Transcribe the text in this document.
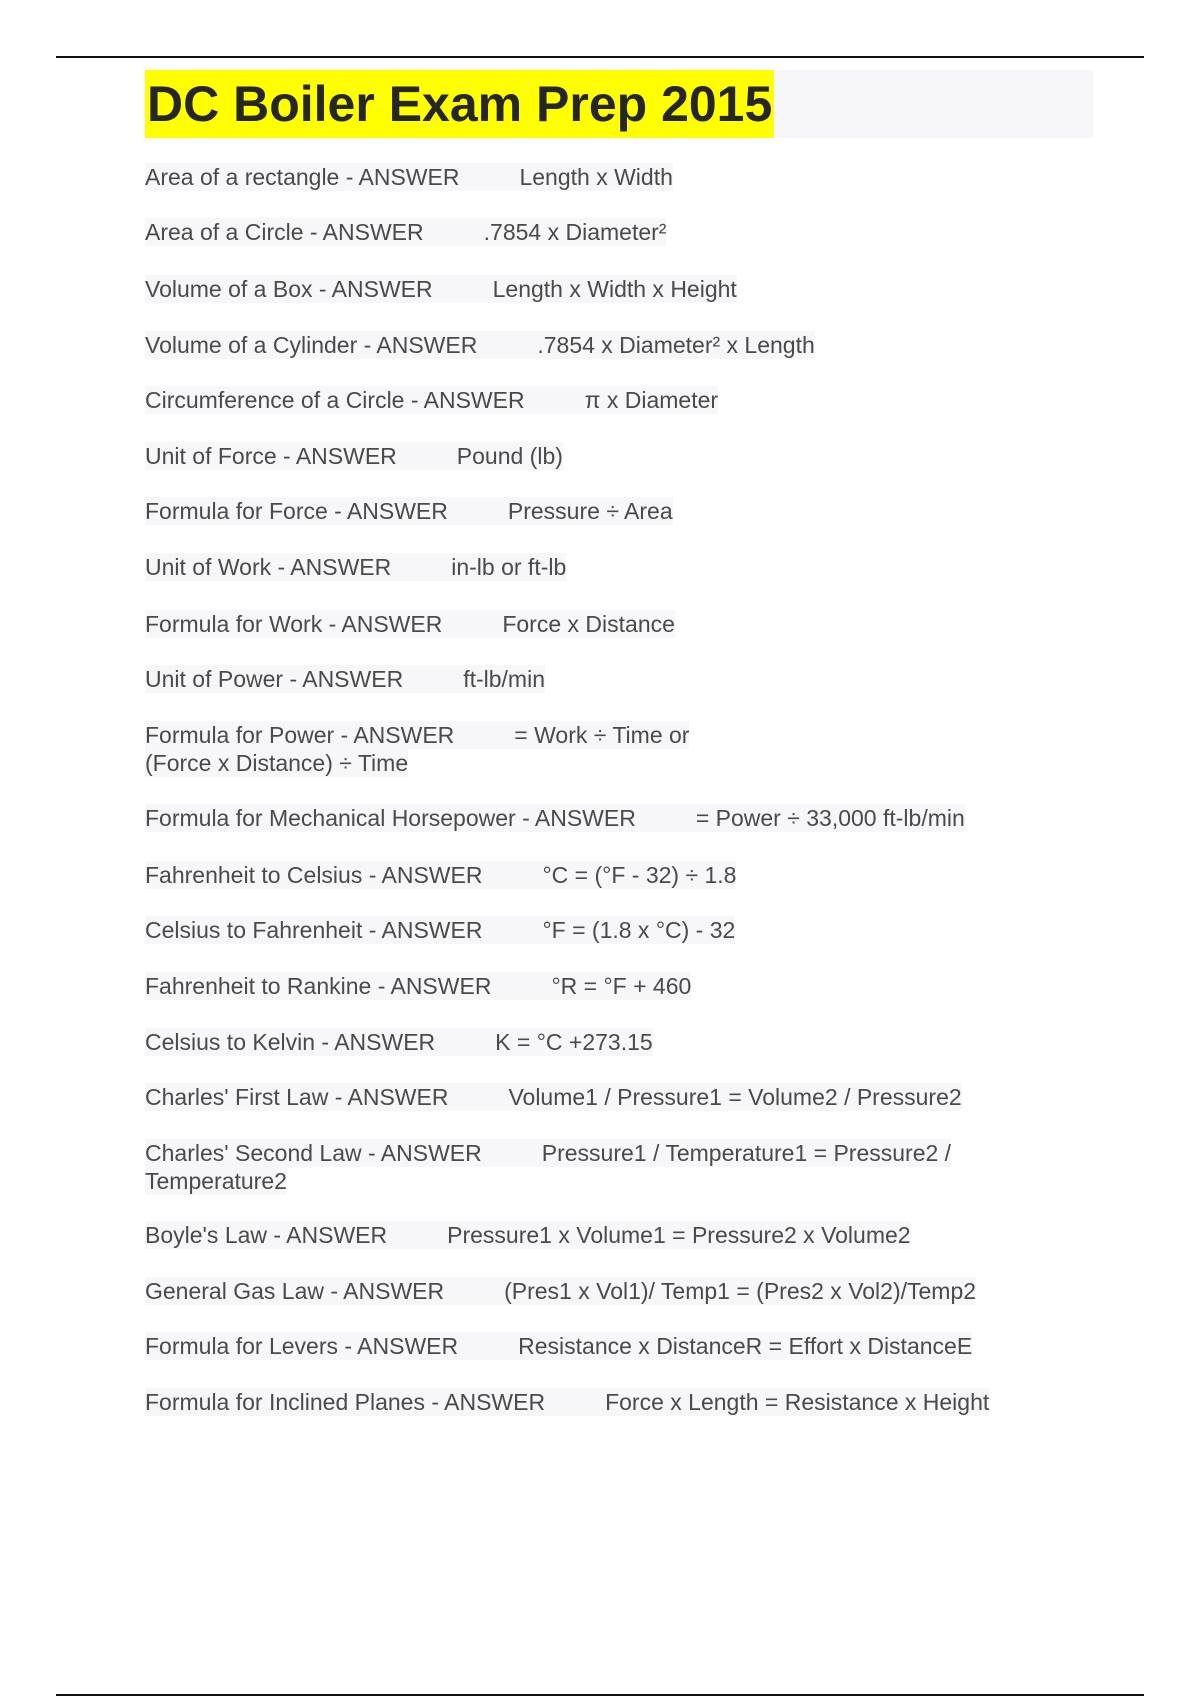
DC Boiler Exam Prep 2015
Area of a rectangle - ANSWER	Length x Width
Area of a Circle - ANSWER	.7854 x Diameter²
Volume of a Box - ANSWER	Length x Width x Height
Volume of a Cylinder - ANSWER	.7854 x Diameter² x Length
Circumference of a Circle - ANSWER	π x Diameter
Unit of Force - ANSWER	Pound (lb)
Formula for Force - ANSWER	Pressure ÷ Area
Unit of Work - ANSWER	in-lb or ft-lb
Formula for Work - ANSWER	Force x Distance
Unit of Power - ANSWER	ft-lb/min
Formula for Power - ANSWER	= Work ÷ Time or (Force x Distance) ÷ Time
Formula for Mechanical Horsepower - ANSWER	= Power ÷ 33,000 ft-lb/min
Fahrenheit to Celsius - ANSWER	°C = (°F - 32) ÷ 1.8
Celsius to Fahrenheit - ANSWER	°F = (1.8 x °C) - 32
Fahrenheit to Rankine - ANSWER	°R = °F + 460
Celsius to Kelvin - ANSWER	K = °C +273.15
Charles' First Law - ANSWER	Volume1 / Pressure1 = Volume2 / Pressure2
Charles' Second Law - ANSWER	Pressure1 / Temperature1 = Pressure2 / Temperature2
Boyle's Law - ANSWER	Pressure1 x Volume1 = Pressure2 x Volume2
General Gas Law - ANSWER	(Pres1 x Vol1)/ Temp1 = (Pres2 x Vol2)/Temp2
Formula for Levers - ANSWER	Resistance x DistanceR = Effort x DistanceE
Formula for Inclined Planes - ANSWER	Force x Length = Resistance x Height
